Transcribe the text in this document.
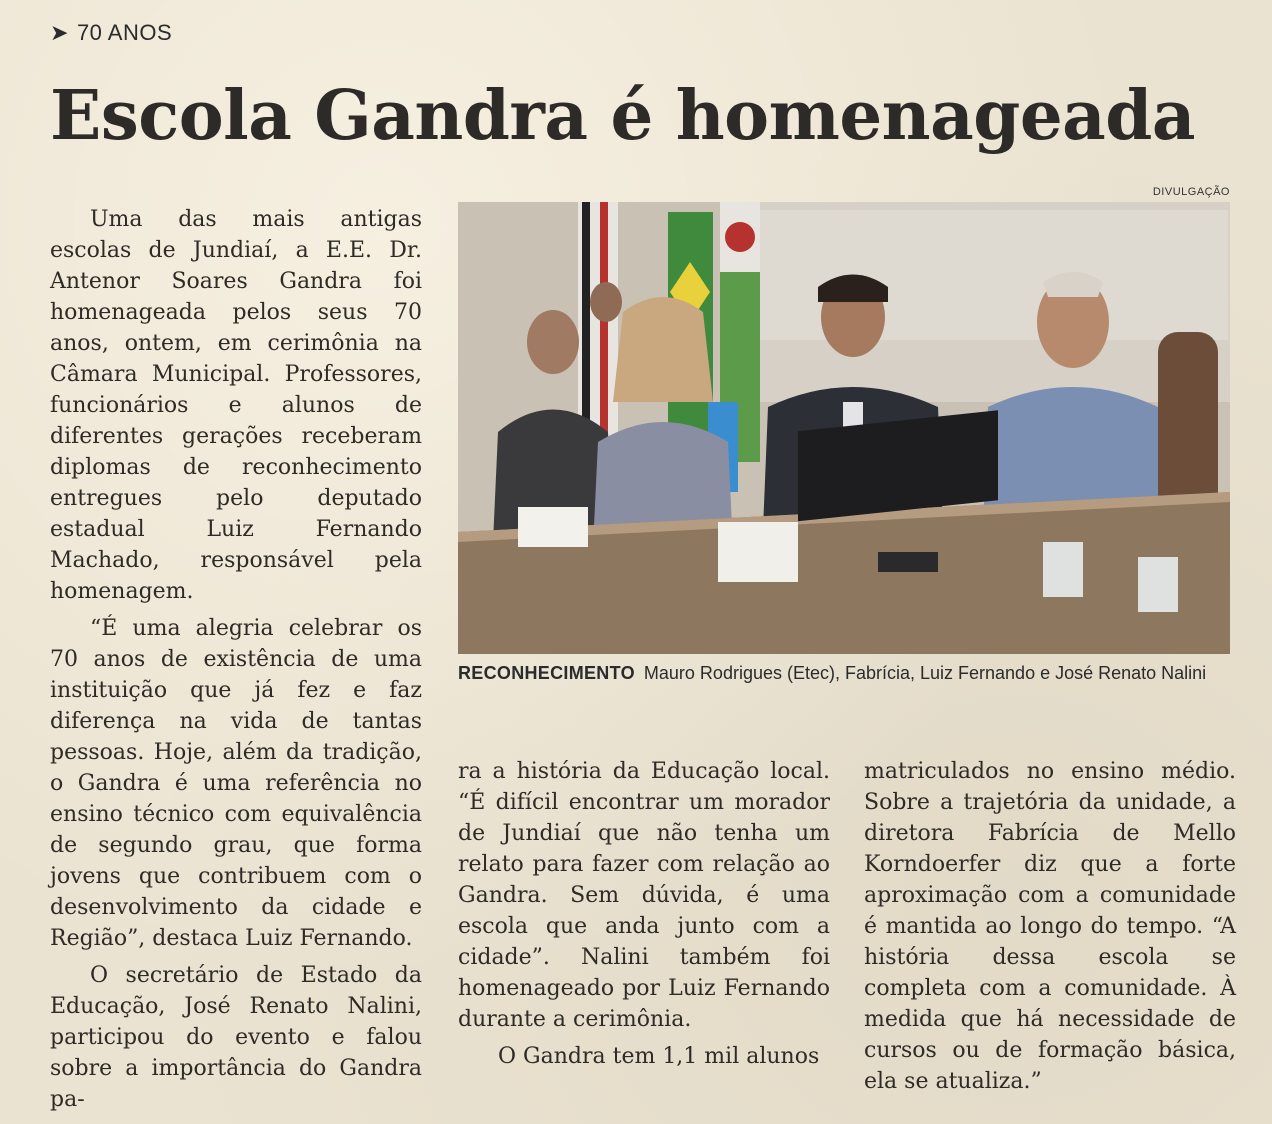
➤ 70 ANOS
Escola Gandra é homenageada
DIVULGAÇÃO
RECONHECIMENTO Mauro Rodrigues (Etec), Fabrícia, Luiz Fernando e José Renato Nalini

Uma das mais antigas escolas de Jundiaí, a E.E. Dr. Antenor Soares Gandra foi homenageada pelos seus 70 anos, ontem, em cerimônia na Câmara Municipal. Professores, funcionários e alunos de diferentes gerações receberam diplomas de reconhecimento entregues pelo deputado estadual Luiz Fernando Machado, responsável pela homenagem.

“É uma alegria celebrar os 70 anos de existência de uma instituição que já fez e faz diferença na vida de tantas pessoas. Hoje, além da tradição, o Gandra é uma referência no ensino técnico com equivalência de segundo grau, que forma jovens que contribuem com o desenvolvimento da cidade e Região”, destaca Luiz Fernando.

O secretário de Estado da Educação, José Renato Nalini, participou do evento e falou sobre a importância do Gandra pa-

ra a história da Educação local. “É difícil encontrar um morador de Jundiaí que não tenha um relato para fazer com relação ao Gandra. Sem dúvida, é uma escola que anda junto com a cidade”. Nalini também foi homenageado por Luiz Fernando durante a cerimônia.

O Gandra tem 1,1 mil alunos

matriculados no ensino médio. Sobre a trajetória da unidade, a diretora Fabrícia de Mello Korndoerfer diz que a forte aproximação com a comunidade é mantida ao longo do tempo. “A história dessa escola se completa com a comunidade. À medida que há necessidade de cursos ou de formação básica, ela se atualiza.”
